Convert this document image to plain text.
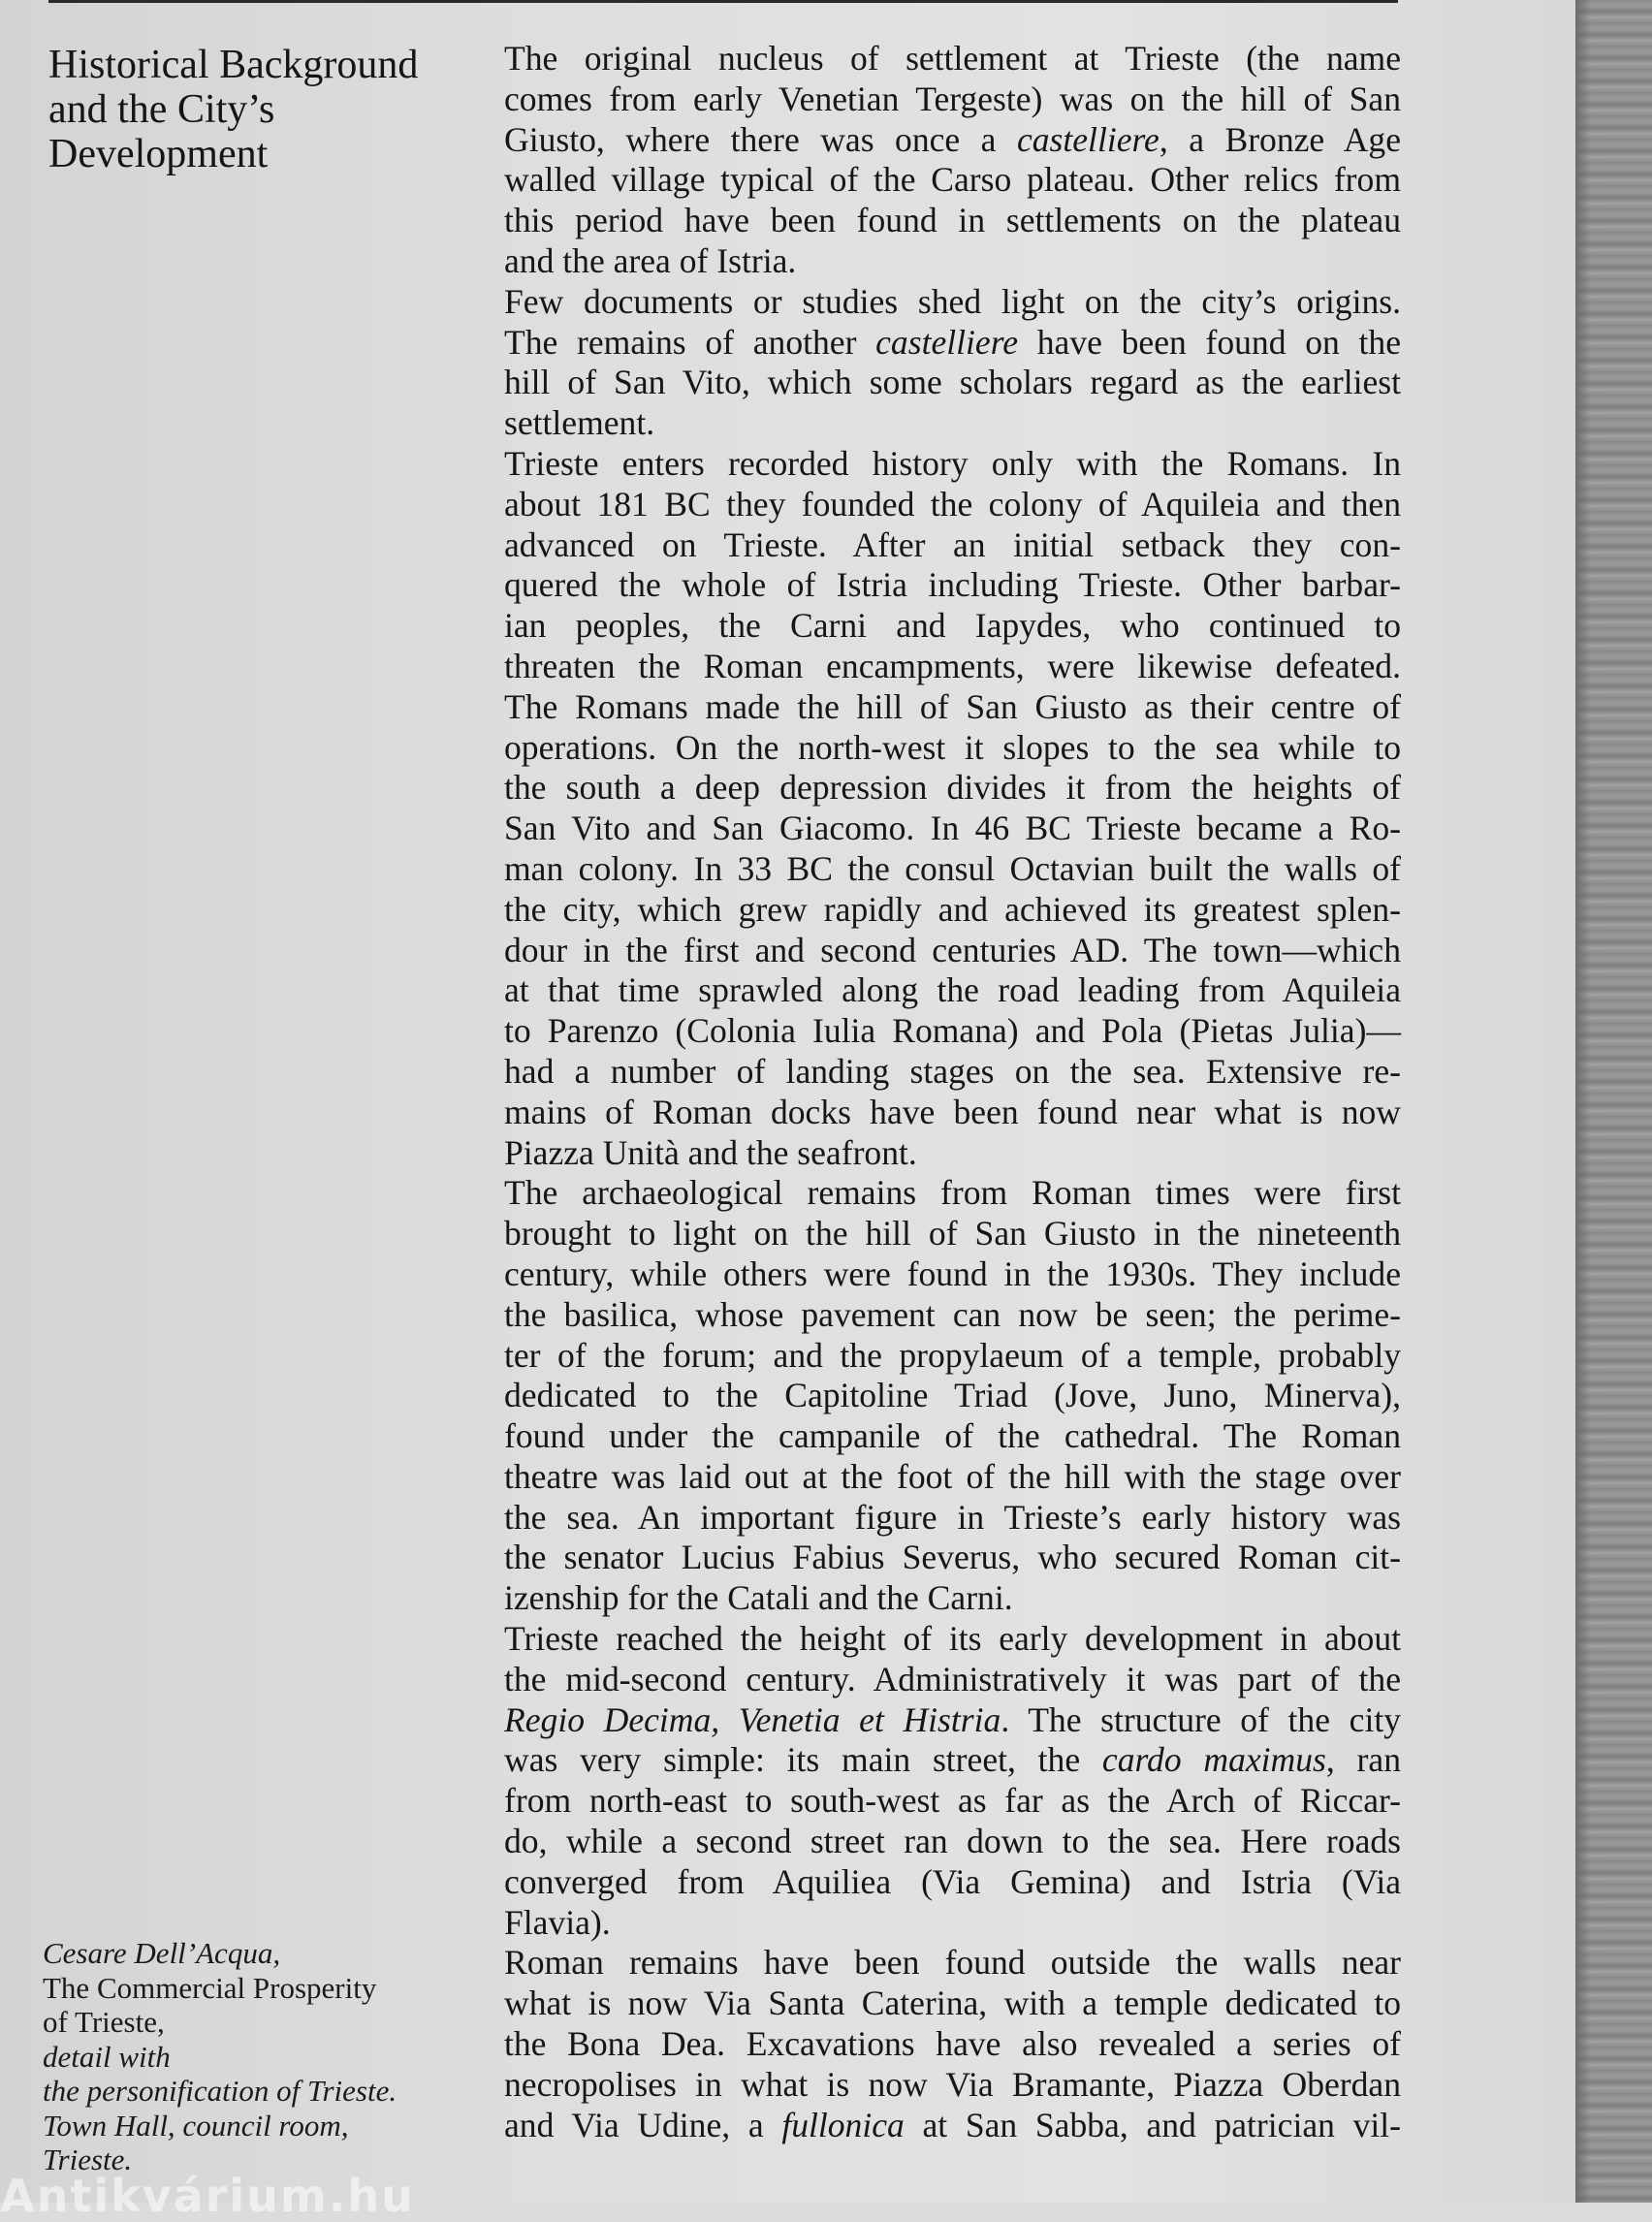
Historical Background
and the City’s
Development
The original nucleus of settlement at Trieste (the name
comes from early Venetian Tergeste) was on the hill of San
Giusto, where there was once a castelliere, a Bronze Age
walled village typical of the Carso plateau. Other relics from
this period have been found in settlements on the plateau
and the area of Istria.
Few documents or studies shed light on the city’s origins.
The remains of another castelliere have been found on the
hill of San Vito, which some scholars regard as the earliest
settlement.
Trieste enters recorded history only with the Romans. In
about 181 BC they founded the colony of Aquileia and then
advanced on Trieste. After an initial setback they con-
quered the whole of Istria including Trieste. Other barbar-
ian peoples, the Carni and Iapydes, who continued to
threaten the Roman encampments, were likewise defeated.
The Romans made the hill of San Giusto as their centre of
operations. On the north-west it slopes to the sea while to
the south a deep depression divides it from the heights of
San Vito and San Giacomo. In 46 BC Trieste became a Ro-
man colony. In 33 BC the consul Octavian built the walls of
the city, which grew rapidly and achieved its greatest splen-
dour in the first and second centuries AD. The town—which
at that time sprawled along the road leading from Aquileia
to Parenzo (Colonia Iulia Romana) and Pola (Pietas Julia)—
had a number of landing stages on the sea. Extensive re-
mains of Roman docks have been found near what is now
Piazza Unità and the seafront.
The archaeological remains from Roman times were first
brought to light on the hill of San Giusto in the nineteenth
century, while others were found in the 1930s. They include
the basilica, whose pavement can now be seen; the perime-
ter of the forum; and the propylaeum of a temple, probably
dedicated to the Capitoline Triad (Jove, Juno, Minerva),
found under the campanile of the cathedral. The Roman
theatre was laid out at the foot of the hill with the stage over
the sea. An important figure in Trieste’s early history was
the senator Lucius Fabius Severus, who secured Roman cit-
izenship for the Catali and the Carni.
Trieste reached the height of its early development in about
the mid-second century. Administratively it was part of the
Regio Decima, Venetia et Histria. The structure of the city
was very simple: its main street, the cardo maximus, ran
from north-east to south-west as far as the Arch of Riccar-
do, while a second street ran down to the sea. Here roads
converged from Aquiliea (Via Gemina) and Istria (Via
Flavia).
Roman remains have been found outside the walls near
what is now Via Santa Caterina, with a temple dedicated to
the Bona Dea. Excavations have also revealed a series of
necropolises in what is now Via Bramante, Piazza Oberdan
and Via Udine, a fullonica at San Sabba, and patrician vil-
Cesare Dell’Acqua,
The Commercial Prosperity
of Trieste,
detail with
the personification of Trieste.
Town Hall, council room,
Trieste.
Antikvárium.hu
